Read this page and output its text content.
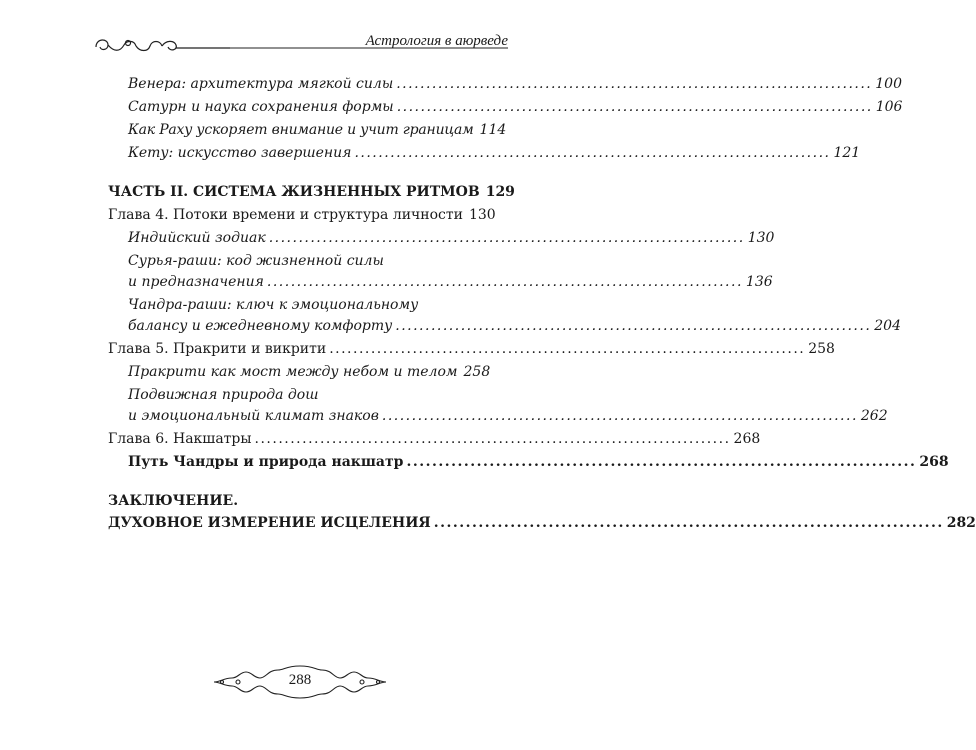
Астрология в аюрведе
Венера: архитектура мягкой силы ................................................................................ 100
Сатурн и наука сохранения формы ................................................................................ 106
Как Раху ускоряет внимание и учит границам 114
Кету: искусство завершения ................................................................................ 121
ЧАСТЬ II. СИСТЕМА ЖИЗНЕННЫХ РИТМОВ 129
Глава 4. Потоки времени и структура личности 130
Индийский зодиак ................................................................................ 130
Сурья-раши: код жизненной силы
и предназначения ................................................................................ 136
Чандра-раши: ключ к эмоциональному
балансу и ежедневному комфорту ................................................................................ 204
Глава 5. Пракрити и викрити ................................................................................ 258
Пракрити как мост между небом и телом 258
Подвижная природа дош
и эмоциональный климат знаков ................................................................................ 262
Глава 6. Накшатры ................................................................................ 268
Путь Чандры и природа накшатр ................................................................................ 268
ЗАКЛЮЧЕНИЕ.
ДУХОВНОЕ ИЗМЕРЕНИЕ ИСЦЕЛЕНИЯ ................................................................................ 282
288
